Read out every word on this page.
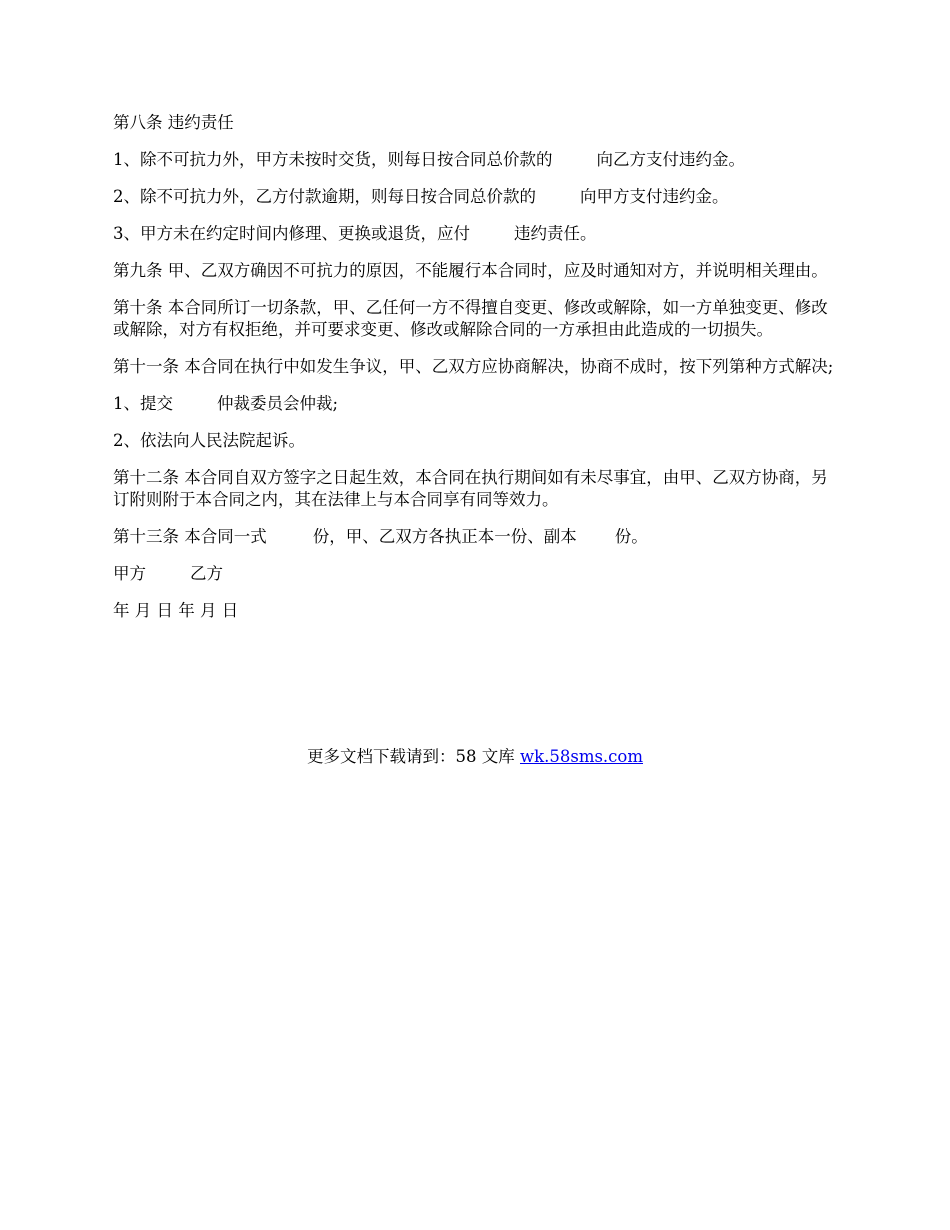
第八条 违约责任

1、除不可抗力外，甲方未按时交货，则每日按合同总价款的	向乙方支付违约金。

2、除不可抗力外，乙方付款逾期，则每日按合同总价款的	向甲方支付违约金。

3、甲方未在约定时间内修理、更换或退货，应付	违约责任。

第九条 甲、乙双方确因不可抗力的原因，不能履行本合同时，应及时通知对方，并说明相关理由。

第十条 本合同所订一切条款，甲、乙任何一方不得擅自变更、修改或解除，如一方单独变更、修改或解除，对方有权拒绝，并可要求变更、修改或解除合同的一方承担由此造成的一切损失。

第十一条 本合同在执行中如发生争议，甲、乙双方应协商解决，协商不成时，按下列第种方式解决;

1、提交	仲裁委员会仲裁;

2、依法向人民法院起诉。

第十二条 本合同自双方签字之日起生效，本合同在执行期间如有未尽事宜，由甲、乙双方协商，另订附则附于本合同之内，其在法律上与本合同享有同等效力。

第十三条 本合同一式	份，甲、乙双方各执正本一份、副本 份。

甲方	乙方

年 月 日 年 月 日

更多文档下载请到：58 文库 wk.58sms.com
